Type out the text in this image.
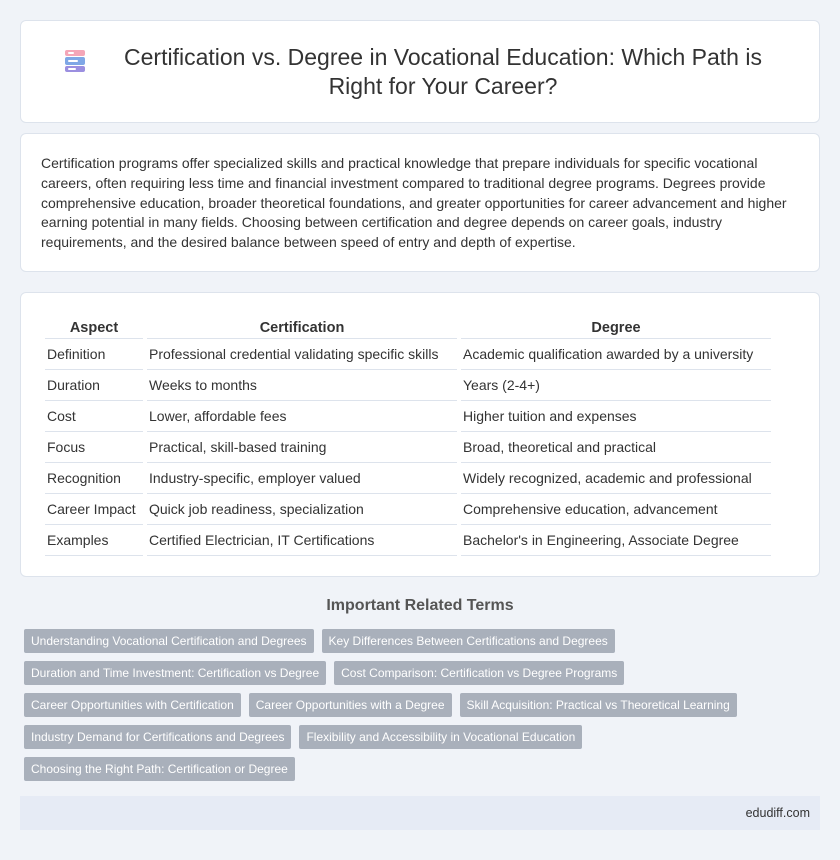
Certification vs. Degree in Vocational Education: Which Path is Right for Your Career?

Certification programs offer specialized skills and practical knowledge that prepare individuals for specific vocational careers, often requiring less time and financial investment compared to traditional degree programs. Degrees provide comprehensive education, broader theoretical foundations, and greater opportunities for career advancement and higher earning potential in many fields. Choosing between certification and degree depends on career goals, industry requirements, and the desired balance between speed of entry and depth of expertise.

Aspect	Certification	Degree
Definition	Professional credential validating specific skills	Academic qualification awarded by a university
Duration	Weeks to months	Years (2-4+)
Cost	Lower, affordable fees	Higher tuition and expenses
Focus	Practical, skill-based training	Broad, theoretical and practical
Recognition	Industry-specific, employer valued	Widely recognized, academic and professional
Career Impact	Quick job readiness, specialization	Comprehensive education, advancement
Examples	Certified Electrician, IT Certifications	Bachelor's in Engineering, Associate Degree
Important Related Terms
Understanding Vocational Certification and Degrees	Key Differences Between Certifications and Degrees
Duration and Time Investment: Certification vs Degree	Cost Comparison: Certification vs Degree Programs
Career Opportunities with Certification	Career Opportunities with a Degree	Skill Acquisition: Practical vs Theoretical Learning
Industry Demand for Certifications and Degrees	Flexibility and Accessibility in Vocational Education
Choosing the Right Path: Certification or Degree
edudiff.com
